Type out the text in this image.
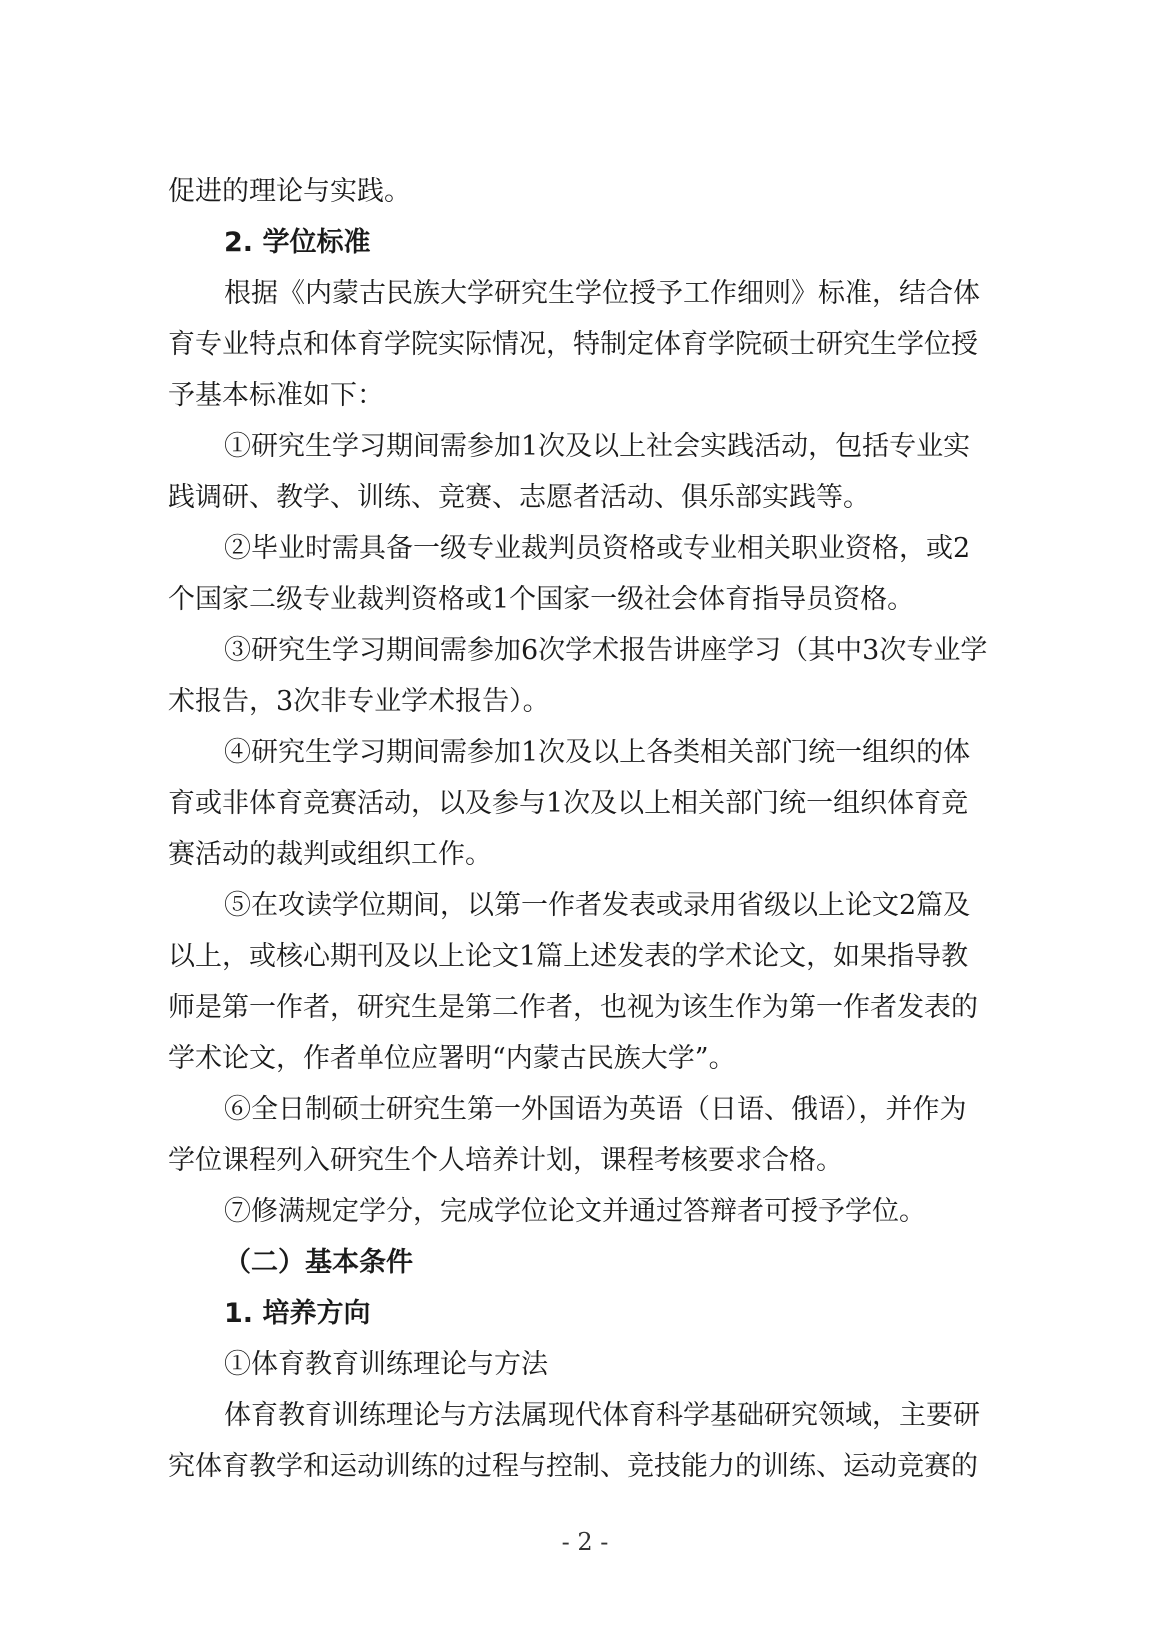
促进的理论与实践。
2. 学位标准
根据《内蒙古民族大学研究生学位授予工作细则》标准，结合体
育专业特点和体育学院实际情况，特制定体育学院硕士研究生学位授
予基本标准如下：
①研究生学习期间需参加1次及以上社会实践活动，包括专业实
践调研、教学、训练、竞赛、志愿者活动、俱乐部实践等。
②毕业时需具备一级专业裁判员资格或专业相关职业资格，或2
个国家二级专业裁判资格或1个国家一级社会体育指导员资格。
③研究生学习期间需参加6次学术报告讲座学习（其中3次专业学
术报告，3次非专业学术报告）。
④研究生学习期间需参加1次及以上各类相关部门统一组织的体
育或非体育竞赛活动，以及参与1次及以上相关部门统一组织体育竞
赛活动的裁判或组织工作。
⑤在攻读学位期间，以第一作者发表或录用省级以上论文2篇及
以上，或核心期刊及以上论文1篇上述发表的学术论文，如果指导教
师是第一作者，研究生是第二作者，也视为该生作为第一作者发表的
学术论文，作者单位应署明“内蒙古民族大学”。
⑥全日制硕士研究生第一外国语为英语（日语、俄语），并作为
学位课程列入研究生个人培养计划，课程考核要求合格。
⑦修满规定学分，完成学位论文并通过答辩者可授予学位。
（二）基本条件
1. 培养方向
①体育教育训练理论与方法
体育教育训练理论与方法属现代体育科学基础研究领域，主要研
究体育教学和运动训练的过程与控制、竞技能力的训练、运动竞赛的
- 2 -
